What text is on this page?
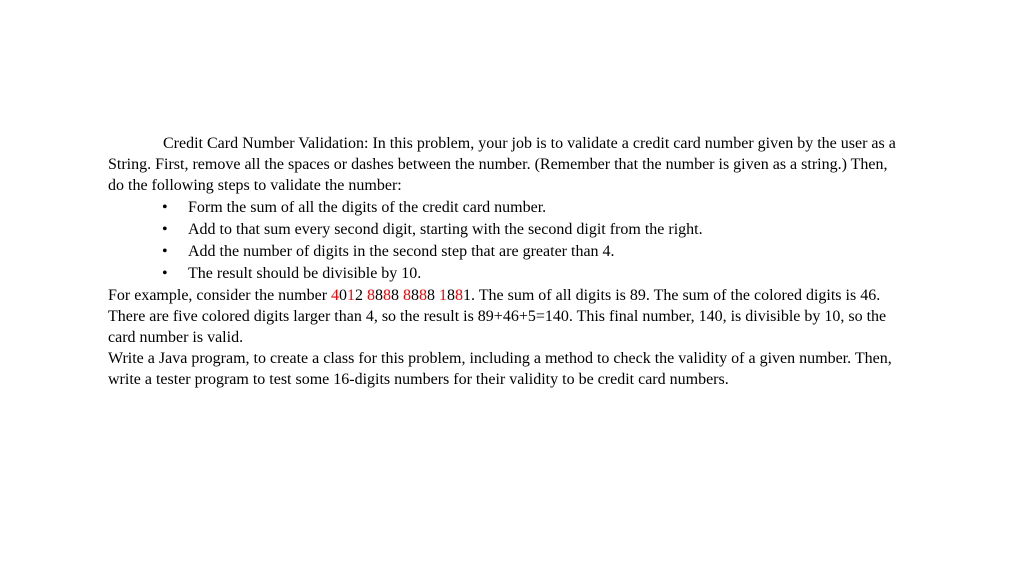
Credit Card Number Validation: In this problem, your job is to validate a credit card number given by the user as a String. First, remove all the spaces or dashes between the number. (Remember that the number is given as a string.) Then, do the following steps to validate the number:

• Form the sum of all the digits of the credit card number.
• Add to that sum every second digit, starting with the second digit from the right.
• Add the number of digits in the second step that are greater than 4.
• The result should be divisible by 10.

For example, consider the number 4012 8888 8888 1881. The sum of all digits is 89. The sum of the colored digits is 46. There are five colored digits larger than 4, so the result is 89+46+5=140. This final number, 140, is divisible by 10, so the card number is valid.

Write a Java program, to create a class for this problem, including a method to check the validity of a given number. Then, write a tester program to test some 16-digits numbers for their validity to be credit card numbers.
